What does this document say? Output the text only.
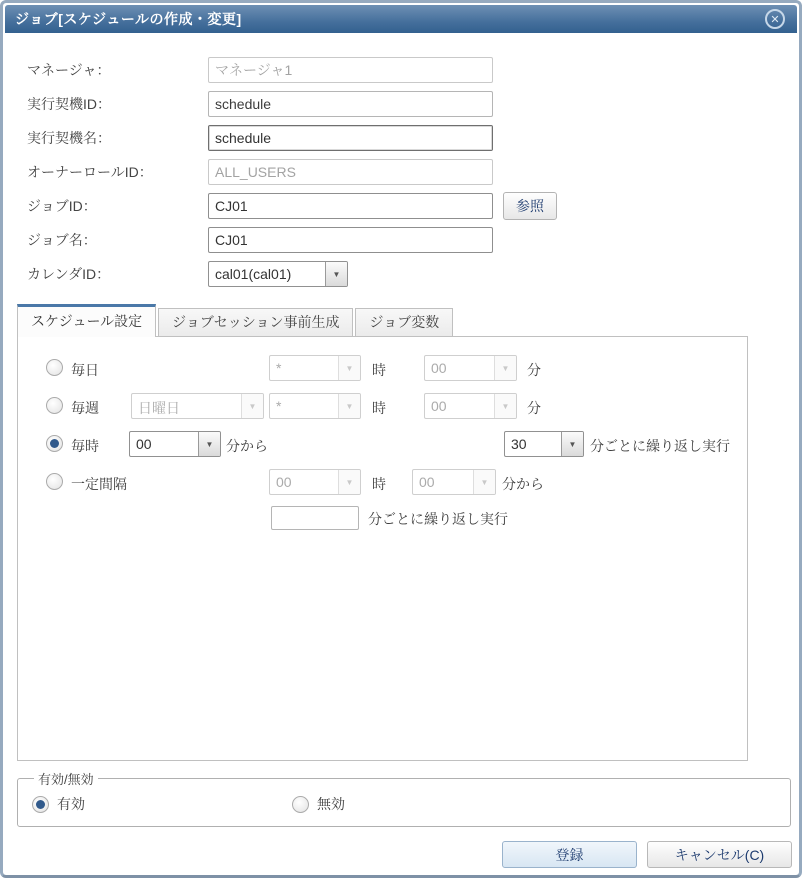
ジョブ[スケジュールの作成・変更]	✕
マネージャ：
マネージャ1
実行契機ID：
schedule
実行契機名：
schedule
オーナーロールID：
ALL_USERS
ジョブID：
CJ01	参照
ジョブ名：
CJ01
カレンダID：	cal01(cal01)	▼
スケジュール設定	ジョブセッション事前生成	ジョブ変数
毎日	*	▼	時	00	▼	分
毎週	日曜日	▼	*	▼	時	00	▼	分
毎時	00	▼ 分から	30	▼ 分ごとに繰り返し実行
一定間隔	00	▼	時	00	▼ 分から
分ごとに繰り返し実行
有効/無効
有効	無効
登録	キャンセル(C)
